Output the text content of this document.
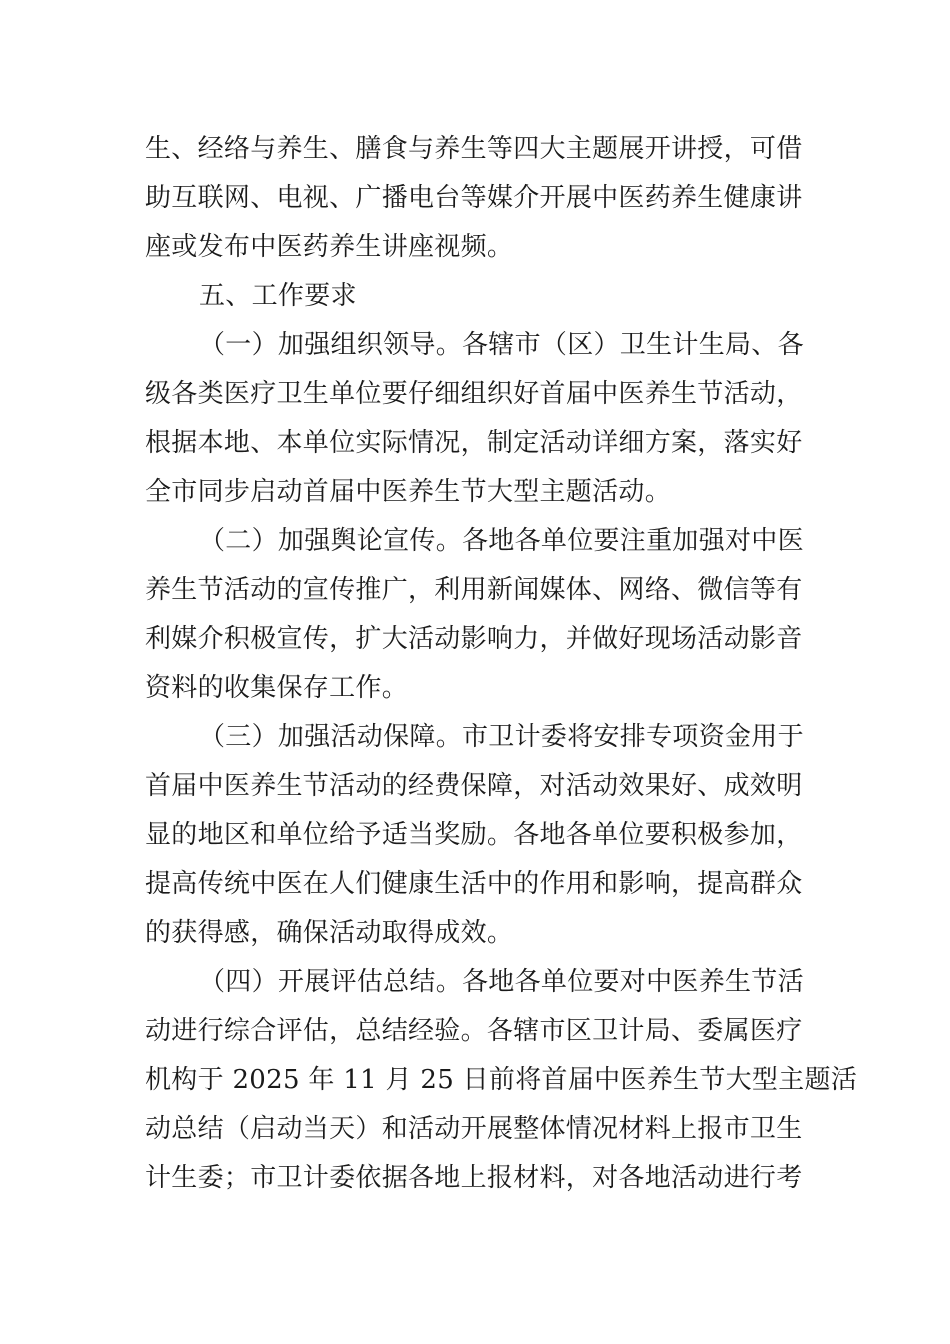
生、经络与养生、膳食与养生等四大主题展开讲授，可借
助互联网、电视、广播电台等媒介开展中医药养生健康讲
座或发布中医药养生讲座视频。

五、工作要求

（一）加强组织领导。各辖市（区）卫生计生局、各
级各类医疗卫生单位要仔细组织好首届中医养生节活动，
根据本地、本单位实际情况，制定活动详细方案，落实好
全市同步启动首届中医养生节大型主题活动。

（二）加强舆论宣传。各地各单位要注重加强对中医
养生节活动的宣传推广，利用新闻媒体、网络、微信等有
利媒介积极宣传，扩大活动影响力，并做好现场活动影音
资料的收集保存工作。

（三）加强活动保障。市卫计委将安排专项资金用于
首届中医养生节活动的经费保障，对活动效果好、成效明
显的地区和单位给予适当奖励。各地各单位要积极参加，
提高传统中医在人们健康生活中的作用和影响，提高群众
的获得感，确保活动取得成效。

（四）开展评估总结。各地各单位要对中医养生节活
动进行综合评估，总结经验。各辖市区卫计局、委属医疗
机构于 2025 年 11 月 25 日前将首届中医养生节大型主题活
动总结（启动当天）和活动开展整体情况材料上报市卫生
计生委；市卫计委依据各地上报材料，对各地活动进行考
